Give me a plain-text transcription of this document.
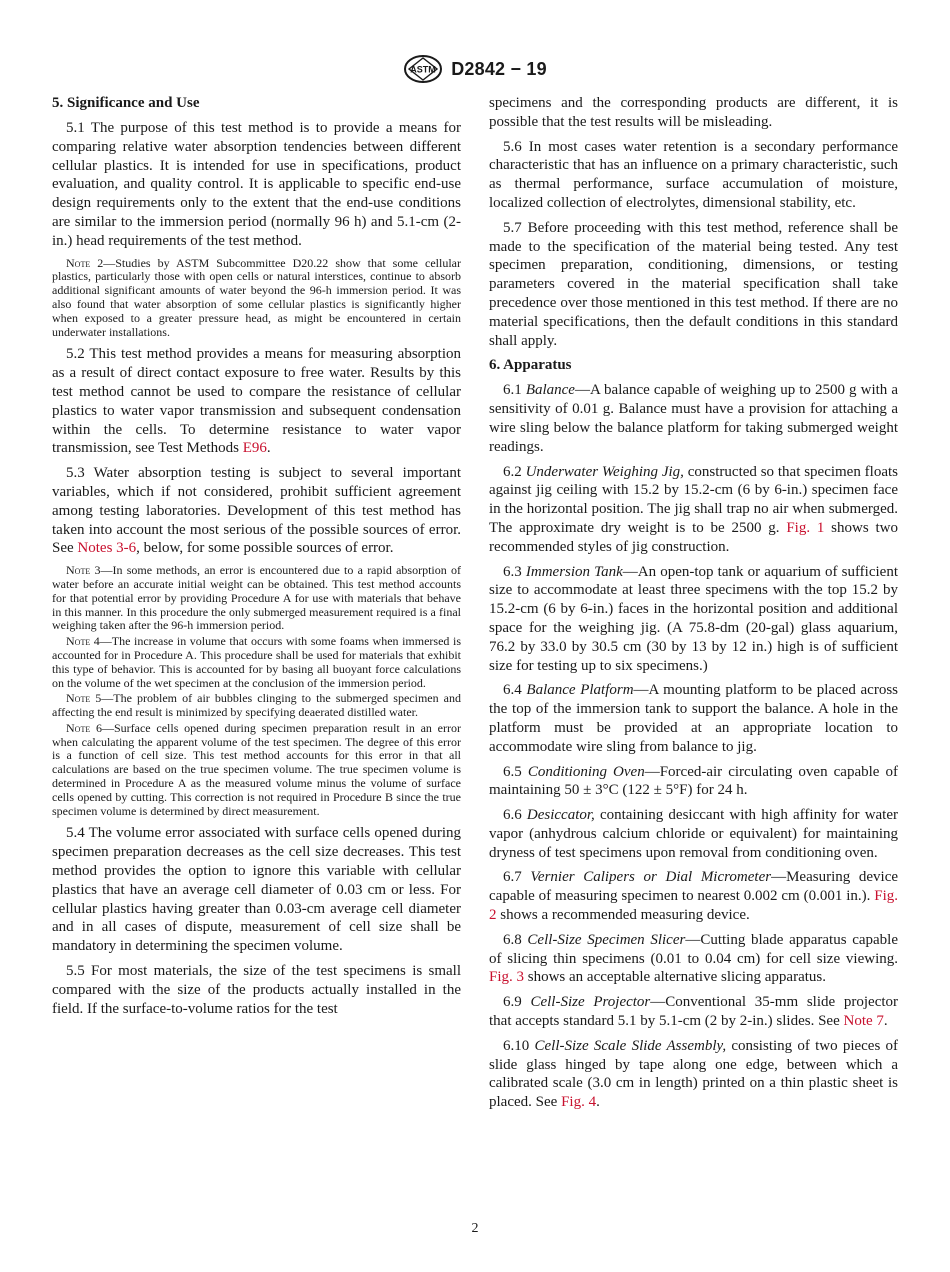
ASTM D2842 − 19
5. Significance and Use

5.1 The purpose of this test method is to provide a means for comparing relative water absorption tendencies between different cellular plastics. It is intended for use in specifications, product evaluation, and quality control. It is applicable to specific end-use design requirements only to the extent that the end-use conditions are similar to the immersion period (normally 96 h) and 5.1-cm (2-in.) head requirements of the test method.

Note 2—Studies by ASTM Subcommittee D20.22 show that some cellular plastics, particularly those with open cells or natural interstices, continue to absorb additional significant amounts of water beyond the 96-h immersion period. It was also found that water absorption of some cellular plastics is significantly higher when exposed to a greater pressure head, as might be encountered in certain underwater installations.

5.2 This test method provides a means for measuring absorption as a result of direct contact exposure to free water. Results by this test method cannot be used to compare the resistance of cellular plastics to water vapor transmission and subsequent condensation within the cells. To determine resistance to water vapor transmission, see Test Methods E96.

5.3 Water absorption testing is subject to several important variables, which if not considered, prohibit sufficient agreement among testing laboratories. Development of this test method has taken into account the most serious of the possible sources of error. See Notes 3-6, below, for some possible sources of error.

Note 3—In some methods, an error is encountered due to a rapid absorption of water before an accurate initial weight can be obtained. This test method accounts for that potential error by providing Procedure A for use with materials that behave in this manner. In this procedure the only submerged measurement required is a final weighing taken after the 96-h immersion period.

Note 4—The increase in volume that occurs with some foams when immersed is accounted for in Procedure A. This procedure shall be used for materials that exhibit this type of behavior. This is accounted for by basing all buoyant force calculations on the volume of the wet specimen at the conclusion of the immersion period.

Note 5—The problem of air bubbles clinging to the submerged specimen and affecting the end result is minimized by specifying deaerated distilled water.

Note 6—Surface cells opened during specimen preparation result in an error when calculating the apparent volume of the test specimen. The degree of this error is a function of cell size. This test method accounts for this error in that all calculations are based on the true specimen volume. The true specimen volume is determined in Procedure A as the measured volume minus the volume of surface cells opened by cutting. This correction is not required in Procedure B since the true specimen volume is determined by direct measurement.

5.4 The volume error associated with surface cells opened during specimen preparation decreases as the cell size decreases. This test method provides the option to ignore this variable with cellular plastics that have an average cell diameter of 0.03 cm or less. For cellular plastics having greater than 0.03-cm average cell diameter and in all cases of dispute, measurement of cell size shall be mandatory in determining the specimen volume.

5.5 For most materials, the size of the test specimens is small compared with the size of the products actually installed in the field. If the surface-to-volume ratios for the test

specimens and the corresponding products are different, it is possible that the test results will be misleading.

5.6 In most cases water retention is a secondary performance characteristic that has an influence on a primary characteristic, such as thermal performance, surface accumulation of moisture, localized collection of electrolytes, dimensional stability, etc.

5.7 Before proceeding with this test method, reference shall be made to the specification of the material being tested. Any test specimen preparation, conditioning, dimensions, or testing parameters covered in the material specification shall take precedence over those mentioned in this test method. If there are no material specifications, then the default conditions in this standard shall apply.

6. Apparatus

6.1 Balance—A balance capable of weighing up to 2500 g with a sensitivity of 0.01 g. Balance must have a provision for attaching a wire sling below the balance platform for taking submerged weight readings.

6.2 Underwater Weighing Jig, constructed so that specimen floats against jig ceiling with 15.2 by 15.2-cm (6 by 6-in.) specimen face in the horizontal position. The jig shall trap no air when submerged. The approximate dry weight is to be 2500 g. Fig. 1 shows two recommended styles of jig construction.

6.3 Immersion Tank—An open-top tank or aquarium of sufficient size to accommodate at least three specimens with the top 15.2 by 15.2-cm (6 by 6-in.) faces in the horizontal position and additional space for the weighing jig. (A 75.8-dm (20-gal) glass aquarium, 76.2 by 33.0 by 30.5 cm (30 by 13 by 12 in.) high is of sufficient size for testing up to six specimens.)

6.4 Balance Platform—A mounting platform to be placed across the top of the immersion tank to support the balance. A hole in the platform must be provided at an appropriate location to accommodate wire sling from balance to jig.

6.5 Conditioning Oven—Forced-air circulating oven capable of maintaining 50 ± 3°C (122 ± 5°F) for 24 h.

6.6 Desiccator, containing desiccant with high affinity for water vapor (anhydrous calcium chloride or equivalent) for maintaining dryness of test specimens upon removal from conditioning oven.

6.7 Vernier Calipers or Dial Micrometer—Measuring device capable of measuring specimen to nearest 0.002 cm (0.001 in.). Fig. 2 shows a recommended measuring device.

6.8 Cell-Size Specimen Slicer—Cutting blade apparatus capable of slicing thin specimens (0.01 to 0.04 cm) for cell size viewing. Fig. 3 shows an acceptable alternative slicing apparatus.

6.9 Cell-Size Projector—Conventional 35-mm slide projector that accepts standard 5.1 by 5.1-cm (2 by 2-in.) slides. See Note 7.

6.10 Cell-Size Scale Slide Assembly, consisting of two pieces of slide glass hinged by tape along one edge, between which a calibrated scale (3.0 cm in length) printed on a thin plastic sheet is placed. See Fig. 4.

2
